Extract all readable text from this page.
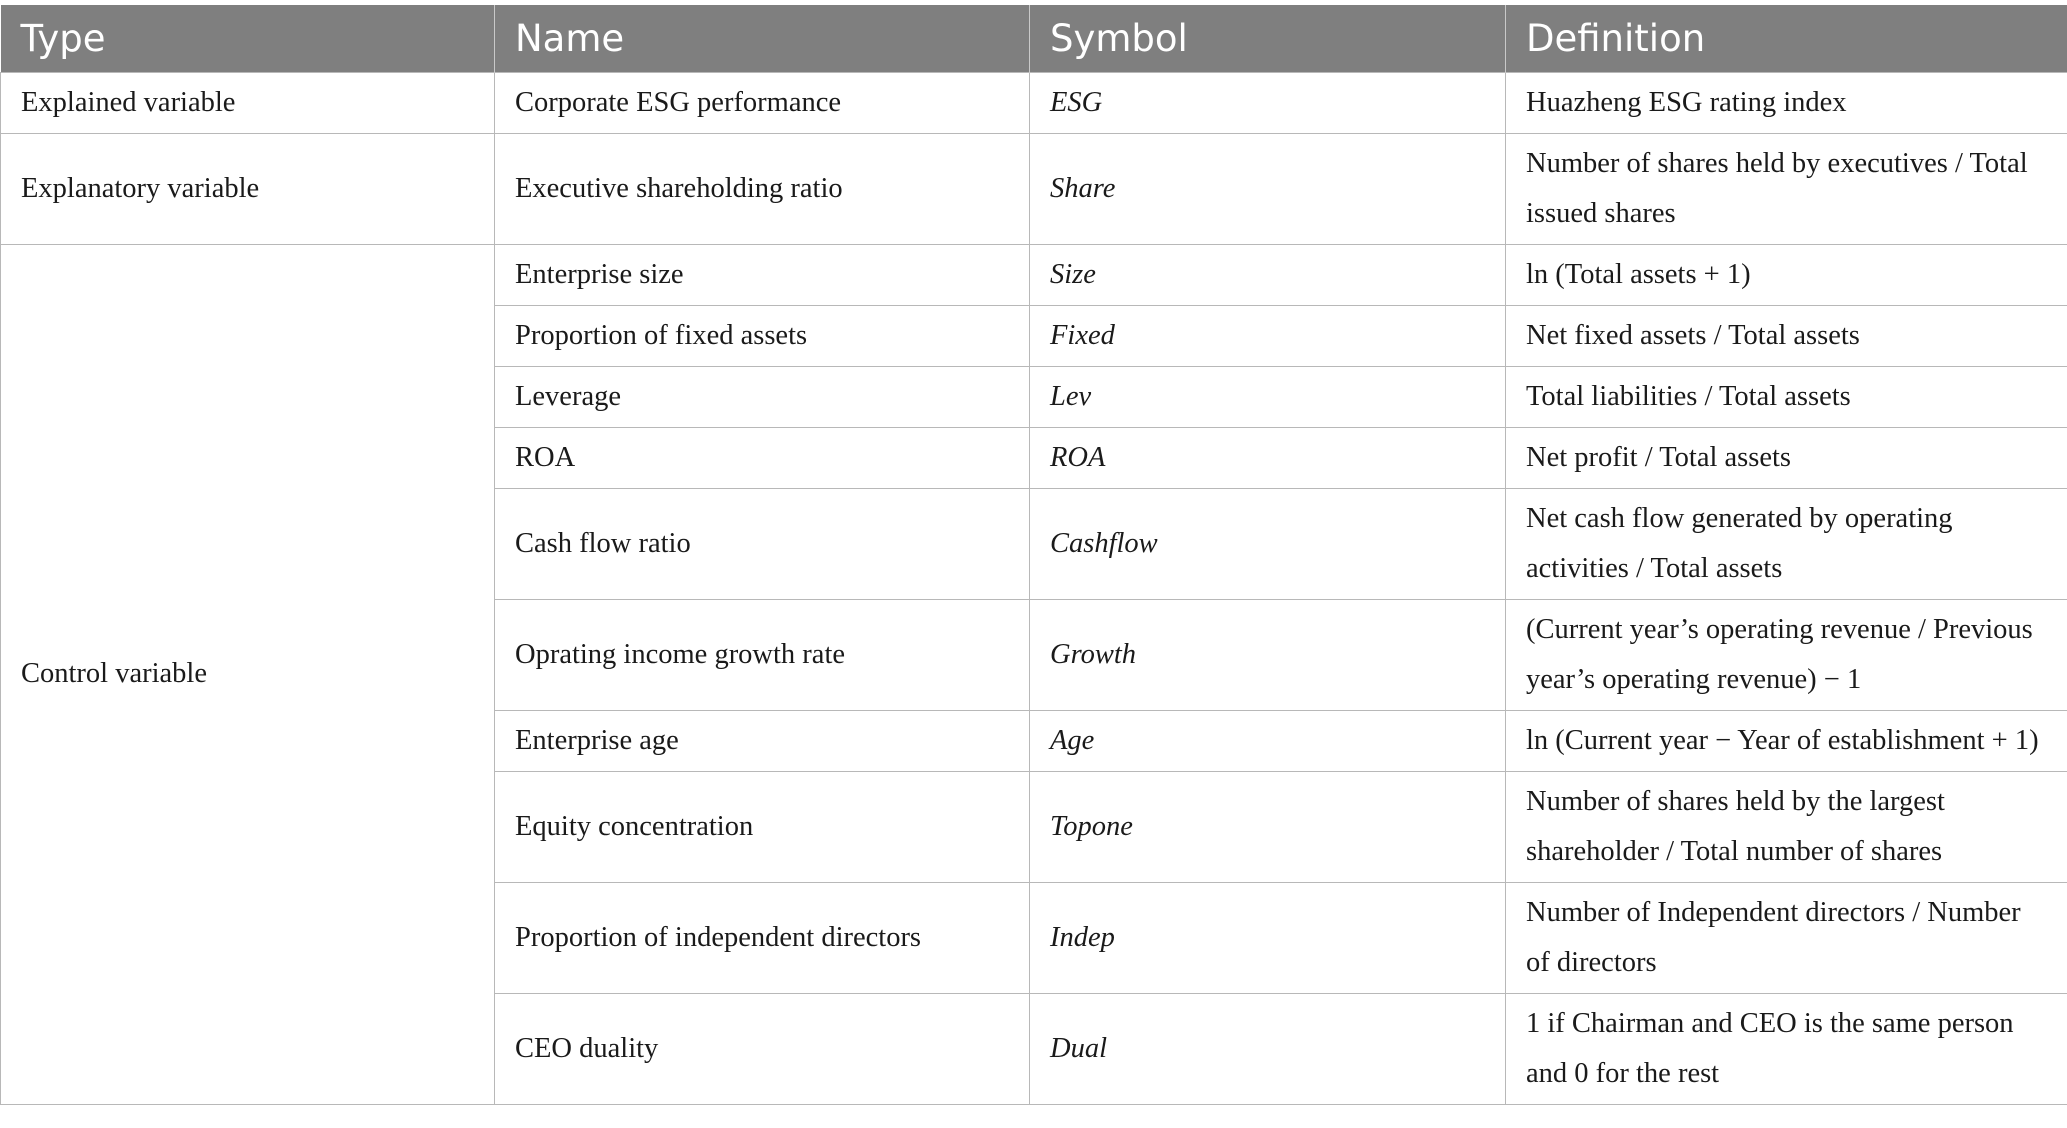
Type	Name	Symbol	Definition
Explained variable	Corporate ESG performance	ESG	Huazheng ESG rating index
Explanatory variable	Executive shareholding ratio	Share	Number of shares held by executives / Total issued shares
Control variable	Enterprise size	Size	ln (Total assets + 1)
	Proportion of fixed assets	Fixed	Net fixed assets / Total assets
	Leverage	Lev	Total liabilities / Total assets
	ROA	ROA	Net profit / Total assets
	Cash flow ratio	Cashflow	Net cash flow generated by operating activities / Total assets
	Oprating income growth rate	Growth	(Current year’s operating revenue / Previous year’s operating revenue) − 1
	Enterprise age	Age	ln (Current year − Year of establishment + 1)
	Equity concentration	Topone	Number of shares held by the largest shareholder / Total number of shares
	Proportion of independent directors	Indep	Number of Independent directors / Number of directors
	CEO duality	Dual	1 if Chairman and CEO is the same person and 0 for the rest
